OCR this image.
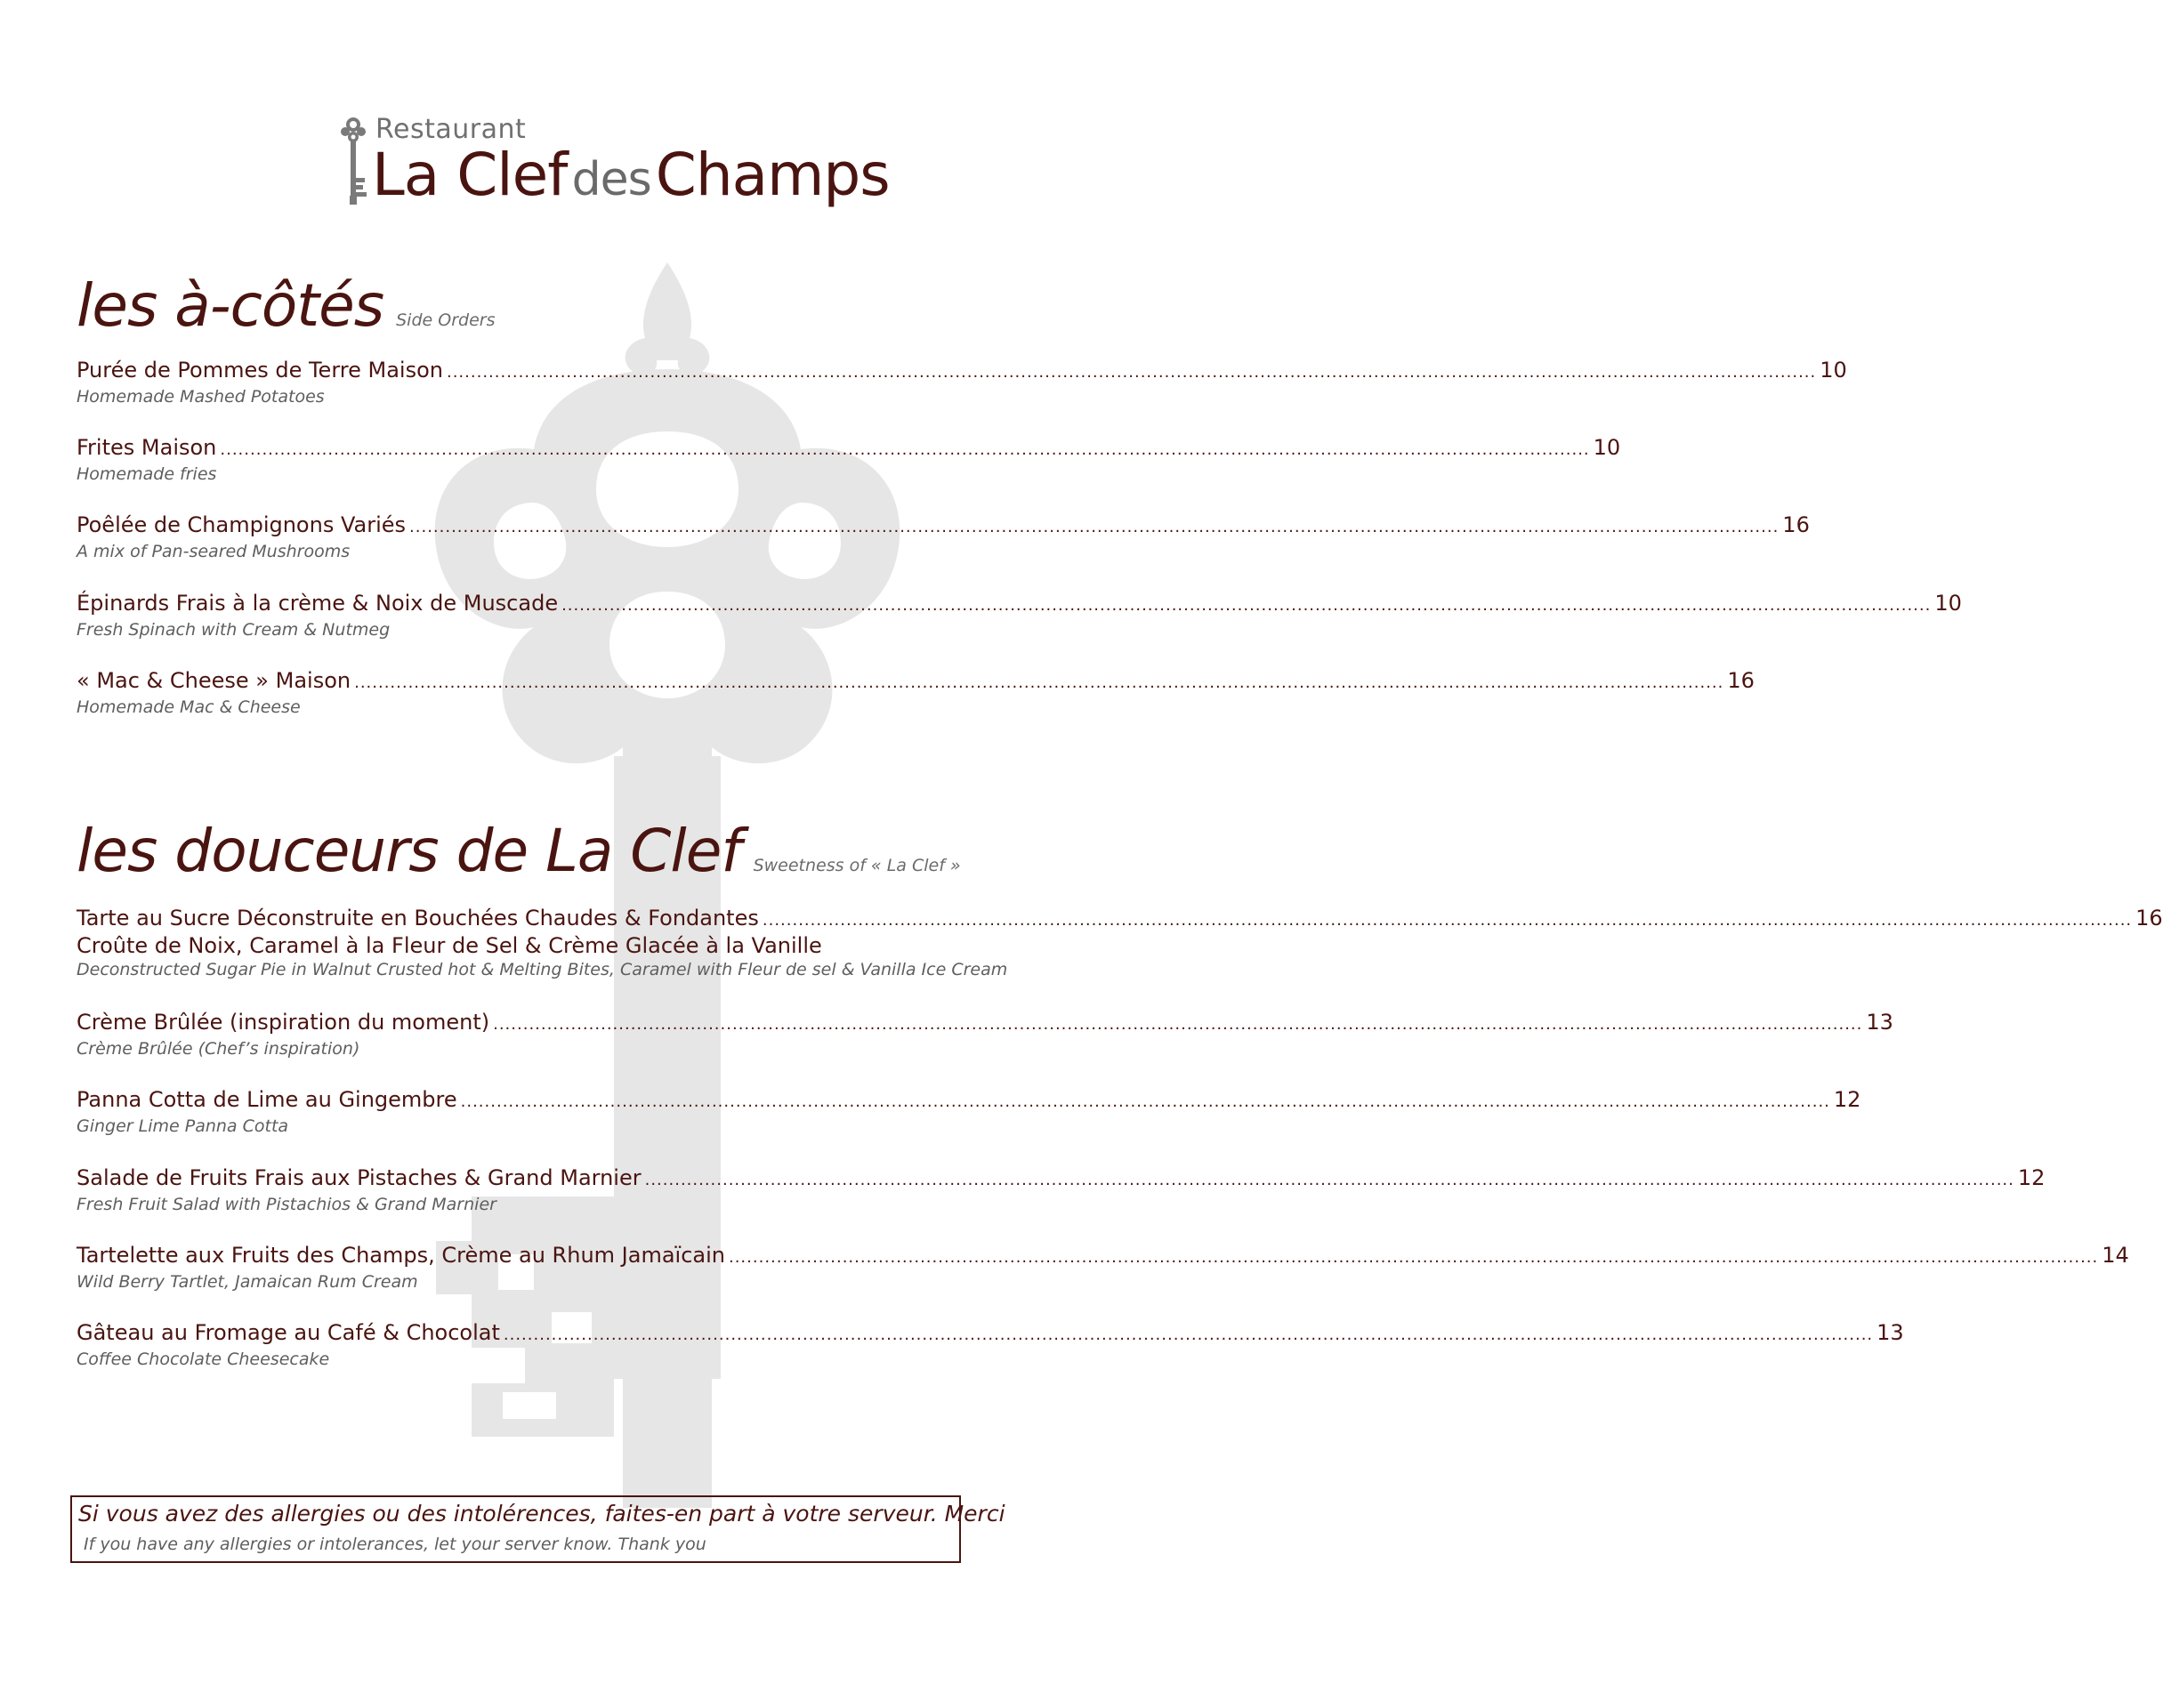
Restaurant
La Clef des Champs
les à-côtés Side Orders
Purée de Pommes de Terre Maison ..................................................................................................................................................................................................................................... 10
Homemade Mashed Potatoes
Frites Maison ..................................................................................................................................................................................................................................... 10
Homemade fries
Poêlée de Champignons Variés ..................................................................................................................................................................................................................................... 16
A mix of Pan-seared Mushrooms
Épinards Frais à la crème & Noix de Muscade ..................................................................................................................................................................................................................................... 10
Fresh Spinach with Cream & Nutmeg
« Mac & Cheese » Maison ..................................................................................................................................................................................................................................... 16
Homemade Mac & Cheese
les douceurs de La Clef Sweetness of « La Clef »
Tarte au Sucre Déconstruite en Bouchées Chaudes & Fondantes ..................................................................................................................................................................................................................................... 16
Croûte de Noix, Caramel à la Fleur de Sel & Crème Glacée à la Vanille
Deconstructed Sugar Pie in Walnut Crusted hot & Melting Bites, Caramel with Fleur de sel & Vanilla Ice Cream
Crème Brûlée (inspiration du moment) ..................................................................................................................................................................................................................................... 13
Crème Brûlée (Chef’s inspiration)
Panna Cotta de Lime au Gingembre ..................................................................................................................................................................................................................................... 12
Ginger Lime Panna Cotta
Salade de Fruits Frais aux Pistaches & Grand Marnier ..................................................................................................................................................................................................................................... 12
Fresh Fruit Salad with Pistachios & Grand Marnier
Tartelette aux Fruits des Champs, Crème au Rhum Jamaïcain ..................................................................................................................................................................................................................................... 14
Wild Berry Tartlet, Jamaican Rum Cream
Gâteau au Fromage au Café & Chocolat ..................................................................................................................................................................................................................................... 13
Coffee Chocolate Cheesecake
Si vous avez des allergies ou des intolérences, faites-en part à votre serveur. Merci
If you have any allergies or intolerances, let your server know. Thank you
